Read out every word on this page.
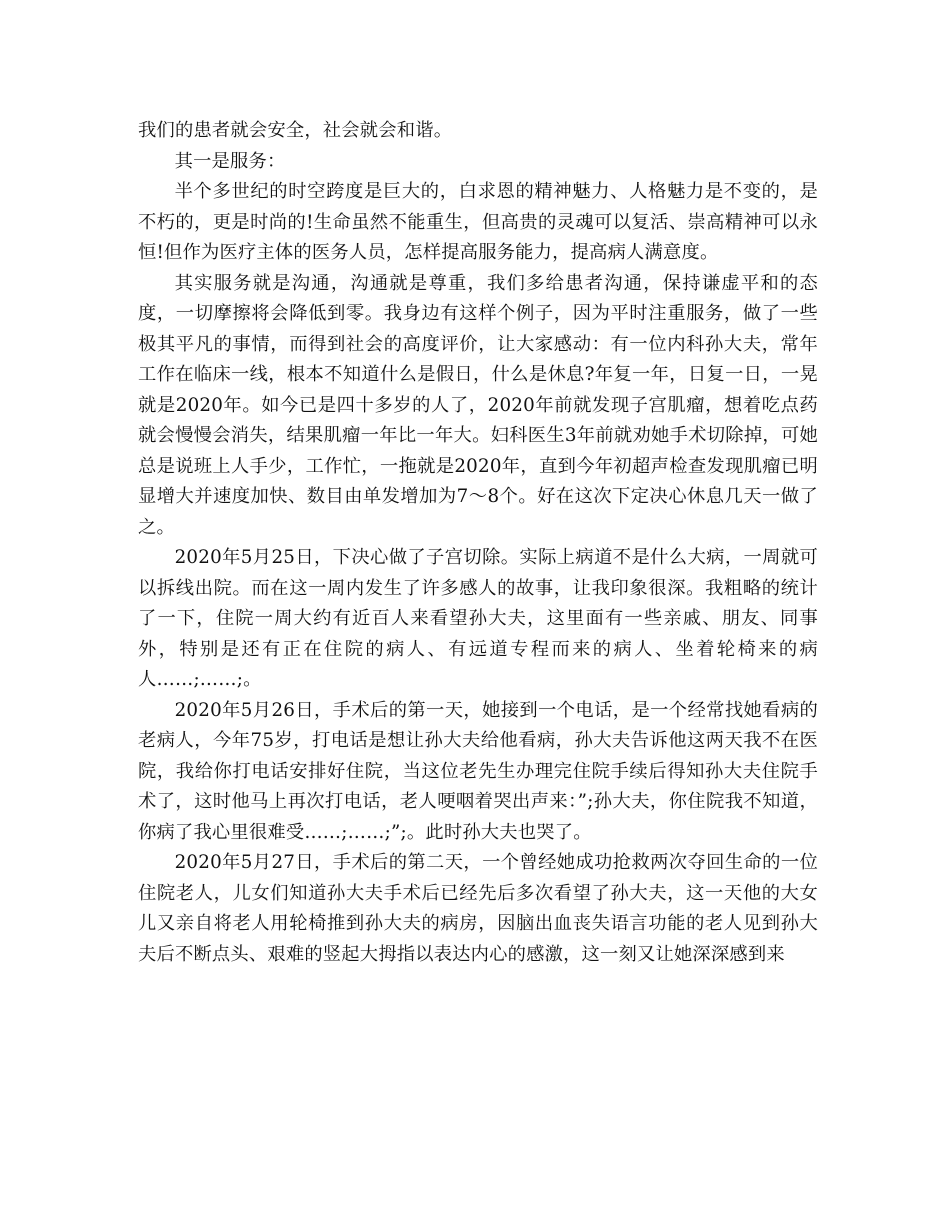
我们的患者就会安全，社会就会和谐。

其一是服务：

半个多世纪的时空跨度是巨大的，白求恩的精神魅力、人格魅力是不变的，是不朽的，更是时尚的!生命虽然不能重生，但高贵的灵魂可以复活、崇高精神可以永恒!但作为医疗主体的医务人员，怎样提高服务能力，提高病人满意度。

其实服务就是沟通，沟通就是尊重，我们多给患者沟通，保持谦虚平和的态度，一切摩擦将会降低到零。我身边有这样个例子，因为平时注重服务，做了一些极其平凡的事情，而得到社会的高度评价，让大家感动：有一位内科孙大夫，常年工作在临床一线，根本不知道什么是假日，什么是休息?年复一年，日复一日，一晃就是2020年。如今已是四十多岁的人了，2020年前就发现子宫肌瘤，想着吃点药就会慢慢会消失，结果肌瘤一年比一年大。妇科医生3年前就劝她手术切除掉，可她总是说班上人手少，工作忙，一拖就是2020年，直到今年初超声检查发现肌瘤已明显增大并速度加快、数目由单发增加为7～8个。好在这次下定决心休息几天一做了之。

2020年5月25日，下决心做了子宫切除。实际上病道不是什么大病，一周就可以拆线出院。而在这一周内发生了许多感人的故事，让我印象很深。我粗略的统计了一下，住院一周大约有近百人来看望孙大夫，这里面有一些亲戚、朋友、同事外，特别是还有正在住院的病人、有远道专程而来的病人、坐着轮椅来的病人……;……;。

2020年5月26日，手术后的第一天，她接到一个电话，是一个经常找她看病的老病人，今年75岁，打电话是想让孙大夫给他看病，孙大夫告诉他这两天我不在医院，我给你打电话安排好住院，当这位老先生办理完住院手续后得知孙大夫住院手术了，这时他马上再次打电话，老人哽咽着哭出声来：”;孙大夫，你住院我不知道，你病了我心里很难受……;……;”;。此时孙大夫也哭了。

2020年5月27日，手术后的第二天，一个曾经她成功抢救两次夺回生命的一位住院老人，儿女们知道孙大夫手术后已经先后多次看望了孙大夫，这一天他的大女儿又亲自将老人用轮椅推到孙大夫的病房，因脑出血丧失语言功能的老人见到孙大夫后不断点头、艰难的竖起大拇指以表达内心的感激，这一刻又让她深深感到来
